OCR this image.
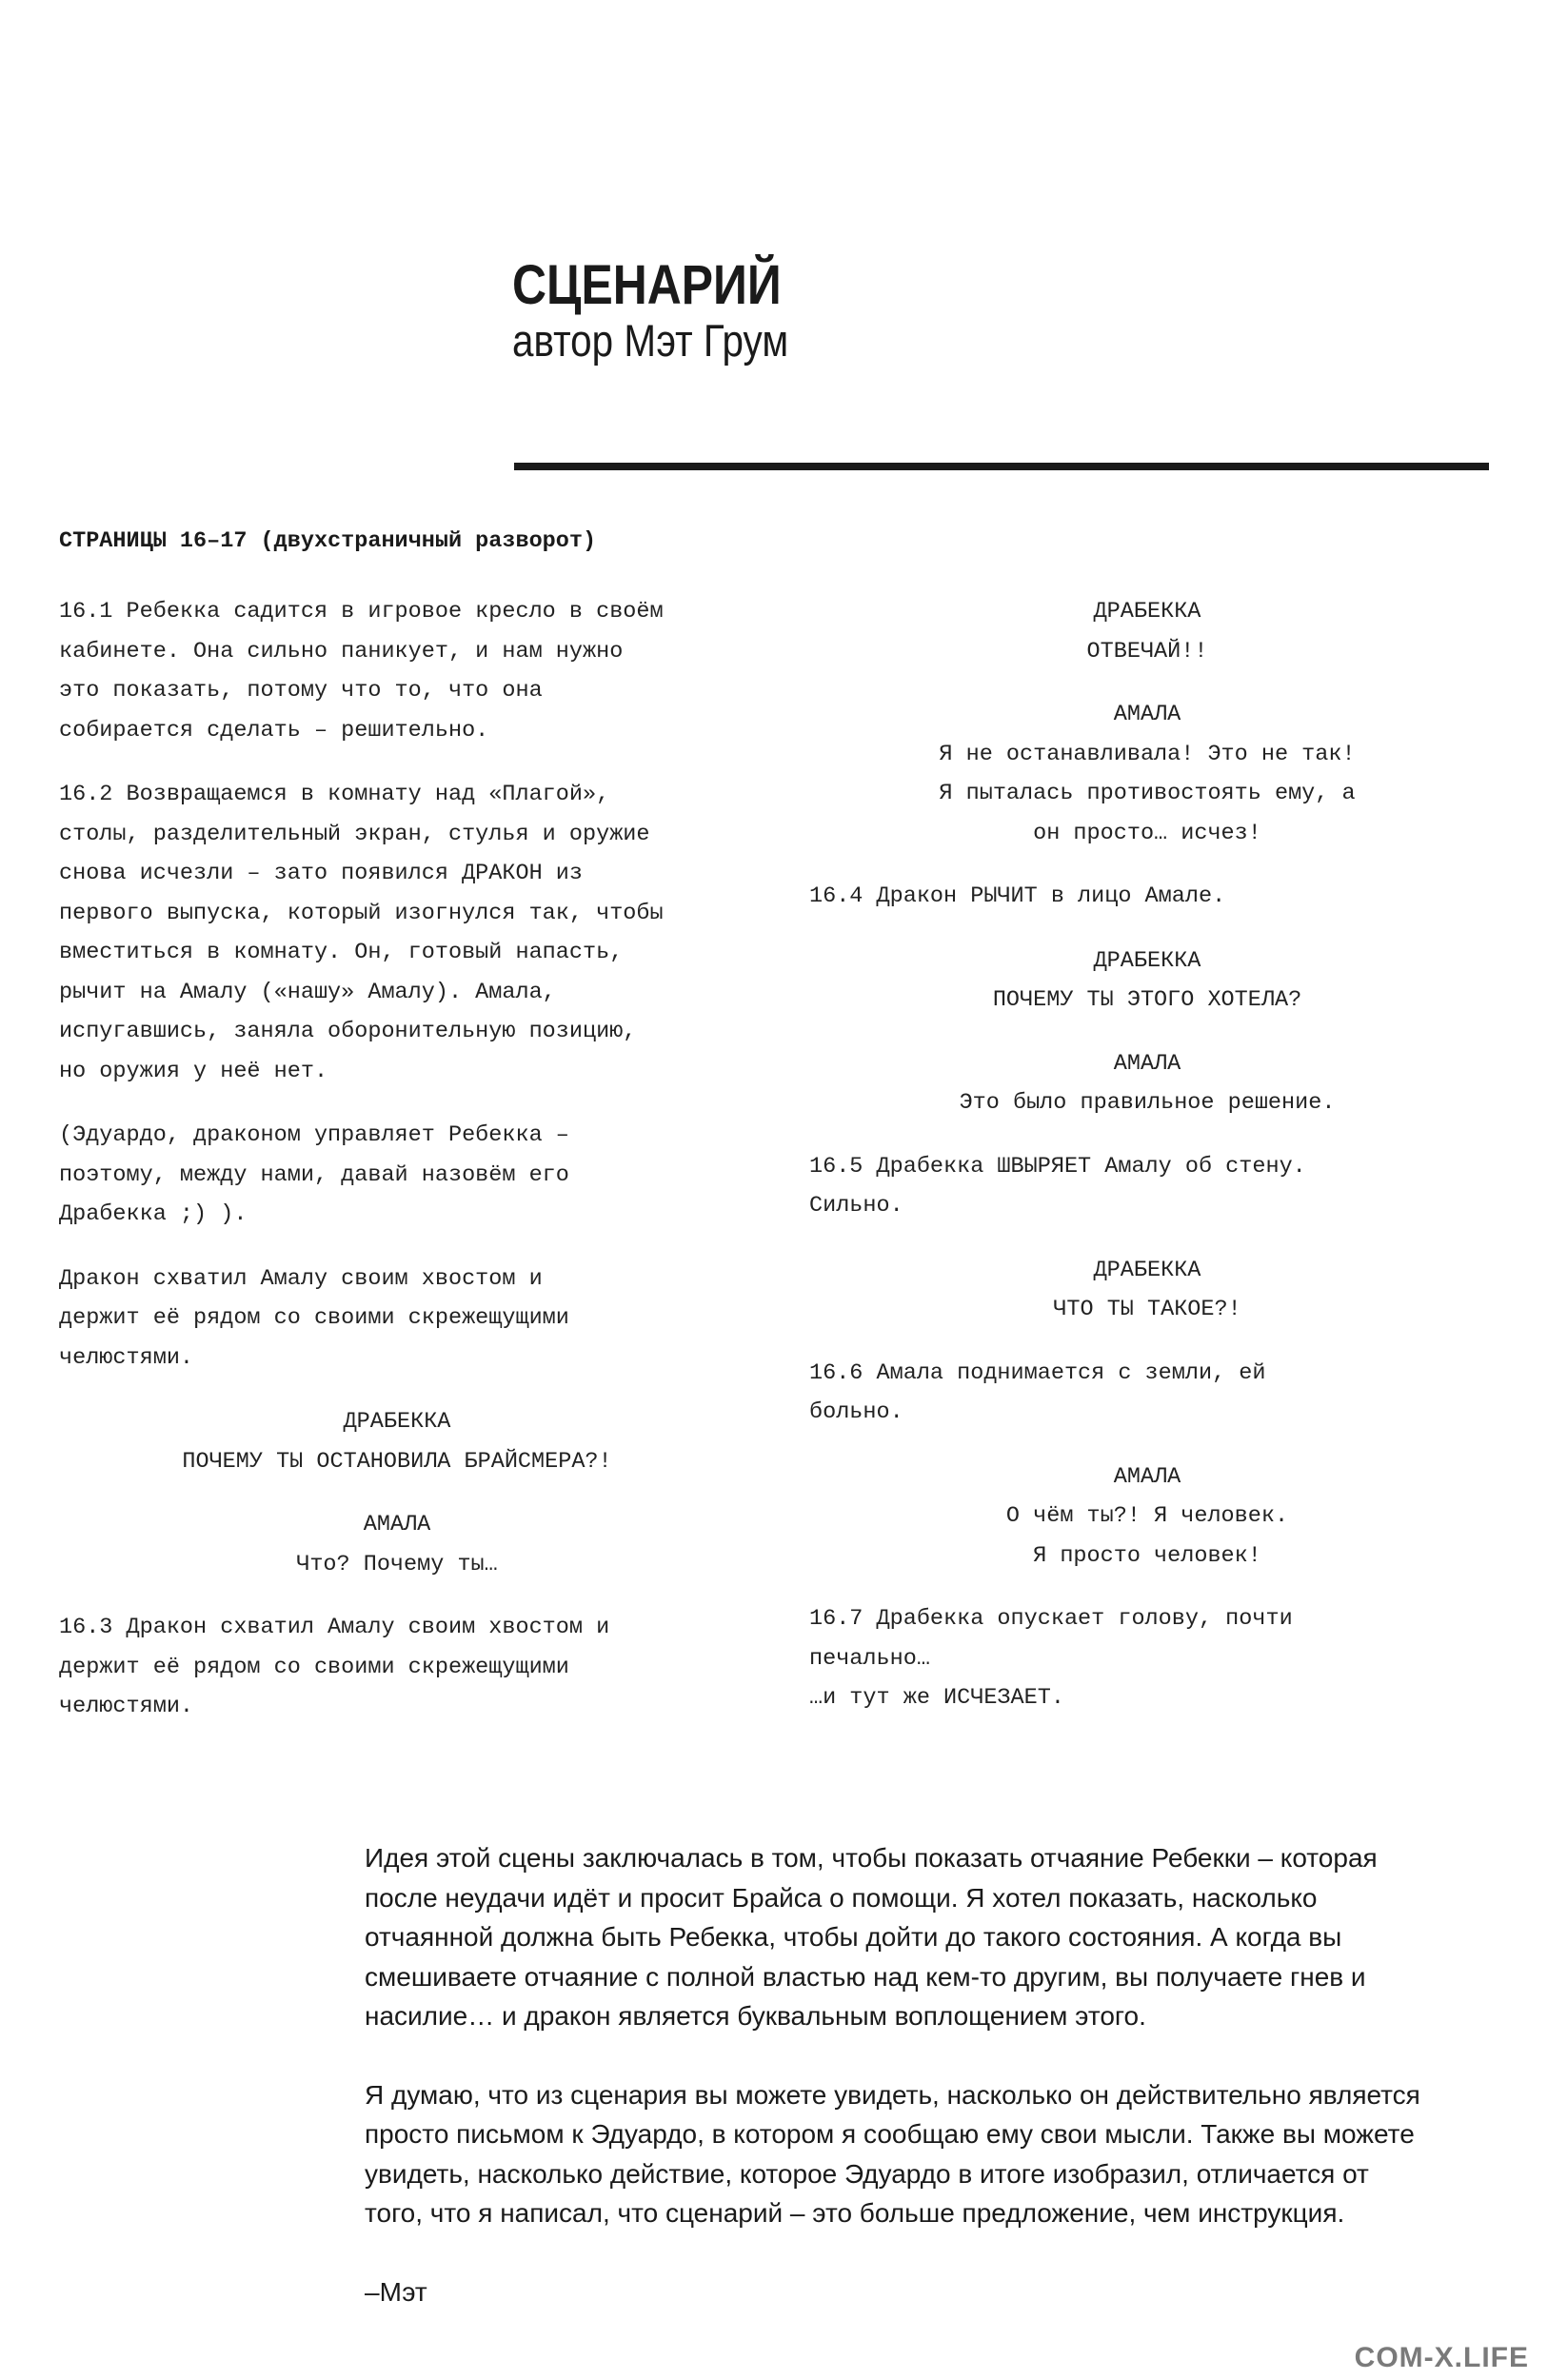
СЦЕНАРИЙ
автор Мэт Грум
СТРАНИЦЫ 16–17 (двухстраничный разворот)
16.1 Ребекка садится в игровое кресло в своём
кабинете. Она сильно паникует, и нам нужно
это показать, потому что то, что она
собирается сделать – решительно.
16.2 Возвращаемся в комнату над «Плагой»,
столы, разделительный экран, стулья и оружие
снова исчезли – зато появился ДРАКОН из
первого выпуска, который изогнулся так, чтобы
вместиться в комнату. Он, готовый напасть,
рычит на Амалу («нашу» Амалу). Амала,
испугавшись, заняла оборонительную позицию,
но оружия у неё нет.
(Эдуардо, драконом управляет Ребекка –
поэтому, между нами, давай назовём его
Драбекка ;) ).
Дракон схватил Амалу своим хвостом и
держит её рядом со своими скрежещущими
челюстями.
ДРАБЕККА
ПОЧЕМУ ТЫ ОСТАНОВИЛА БРАЙСМЕРА?!
АМАЛА
Что? Почему ты…
16.3 Дракон схватил Амалу своим хвостом и
держит её рядом со своими скрежещущими
челюстями.
ДРАБЕККА
ОТВЕЧАЙ!!
АМАЛА
Я не останавливала! Это не так!
Я пыталась противостоять ему, а
он просто… исчез!
16.4 Дракон РЫЧИТ в лицо Амале.
ДРАБЕККА
ПОЧЕМУ ТЫ ЭТОГО ХОТЕЛА?
АМАЛА
Это было правильное решение.
16.5 Драбекка ШВЫРЯЕТ Амалу об стену.
Сильно.
ДРАБЕККА
ЧТО ТЫ ТАКОЕ?!
16.6 Амала поднимается с земли, ей
больно.
АМАЛА
О чём ты?! Я человек.
Я просто человек!
16.7 Драбекка опускает голову, почти
печально…
…и тут же ИСЧЕЗАЕТ.
Идея этой сцены заключалась в том, чтобы показать отчаяние Ребекки – которая
после неудачи идёт и просит Брайса о помощи. Я хотел показать, насколько
отчаянной должна быть Ребекка, чтобы дойти до такого состояния. А когда вы
смешиваете отчаяние с полной властью над кем-то другим, вы получаете гнев и
насилие… и дракон является буквальным воплощением этого.
Я думаю, что из сценария вы можете увидеть, насколько он действительно является
просто письмом к Эдуардо, в котором я сообщаю ему свои мысли. Также вы можете
увидеть, насколько действие, которое Эдуардо в итоге изобразил, отличается от
того, что я написал, что сценарий – это больше предложение, чем инструкция.
–Мэт
COM-X.LIFE
